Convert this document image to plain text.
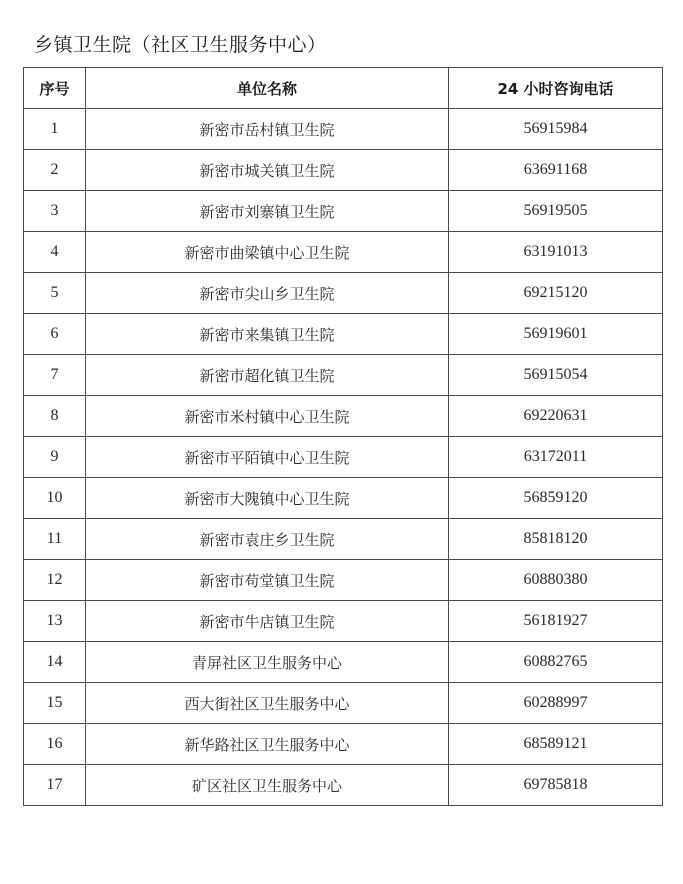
乡镇卫生院（社区卫生服务中心）
序号	单位名称	24 小时咨询电话
1	新密市岳村镇卫生院	56915984
2	新密市城关镇卫生院	63691168
3	新密市刘寨镇卫生院	56919505
4	新密市曲梁镇中心卫生院	63191013
5	新密市尖山乡卫生院	69215120
6	新密市来集镇卫生院	56919601
7	新密市超化镇卫生院	56915054
8	新密市米村镇中心卫生院	69220631
9	新密市平陌镇中心卫生院	63172011
10	新密市大隗镇中心卫生院	56859120
11	新密市袁庄乡卫生院	85818120
12	新密市苟堂镇卫生院	60880380
13	新密市牛店镇卫生院	56181927
14	青屏社区卫生服务中心	60882765
15	西大街社区卫生服务中心	60288997
16	新华路社区卫生服务中心	68589121
17	矿区社区卫生服务中心	69785818
